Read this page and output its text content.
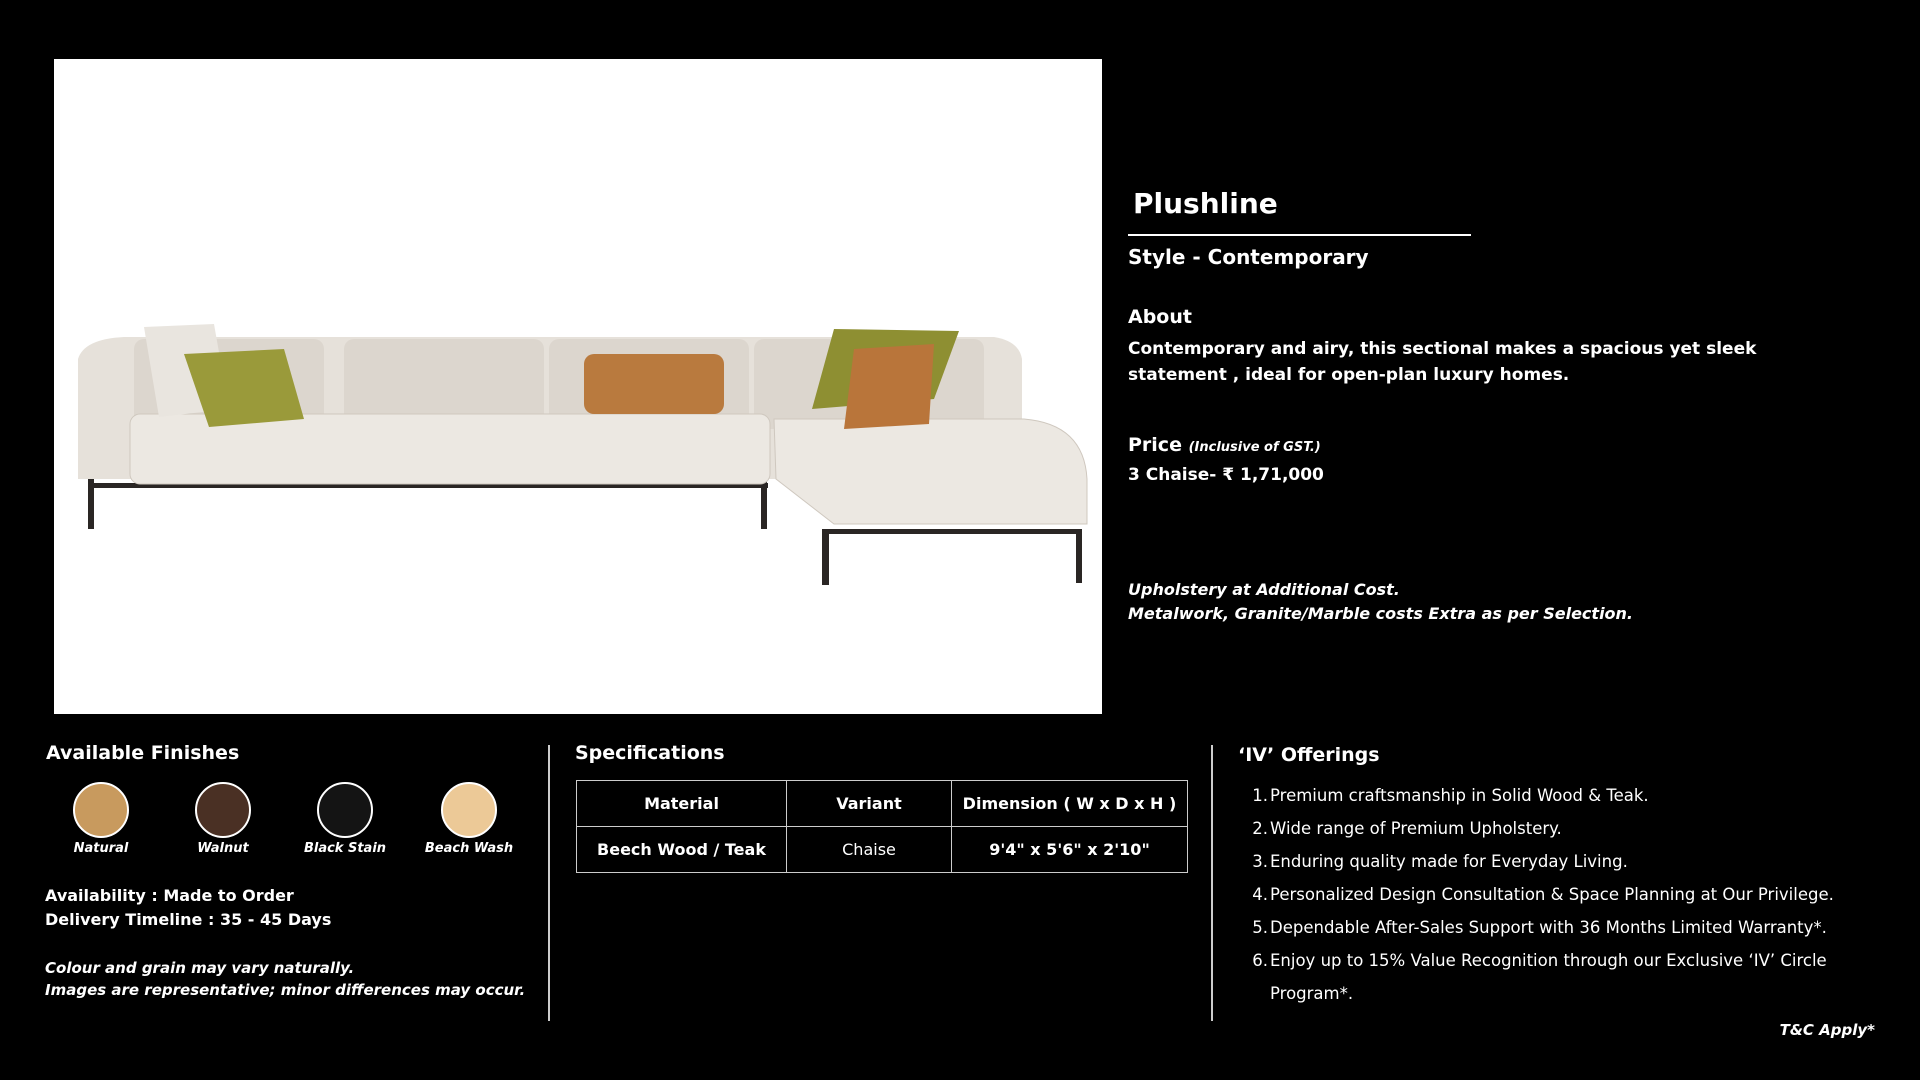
Plushline
Style - Contemporary
About
Contemporary and airy, this sectional makes a spacious yet sleek statement , ideal for open-plan luxury homes.
Price (Inclusive of GST.)
3 Chaise- ₹ 1,71,000
Upholstery at Additional Cost.
Metalwork, Granite/Marble costs Extra as per Selection.
Available Finishes
Natural	Walnut	Black Stain	Beach Wash
Availability : Made to Order
Delivery Timeline : 35 - 45 Days
Colour and grain may vary naturally.
Images are representative; minor differences may occur.
Specifications
Material	Variant	Dimension ( W x D x H )
Beech Wood / Teak	Chaise	9'4" x 5'6" x 2'10"
‘IV’ Offerings
1. Premium craftsmanship in Solid Wood & Teak.
2. Wide range of Premium Upholstery.
3. Enduring quality made for Everyday Living.
4. Personalized Design Consultation & Space Planning at Our Privilege.
5. Dependable After-Sales Support with 36 Months Limited Warranty*.
6. Enjoy up to 15% Value Recognition through our Exclusive ‘IV’ Circle Program*.
T&C Apply*
